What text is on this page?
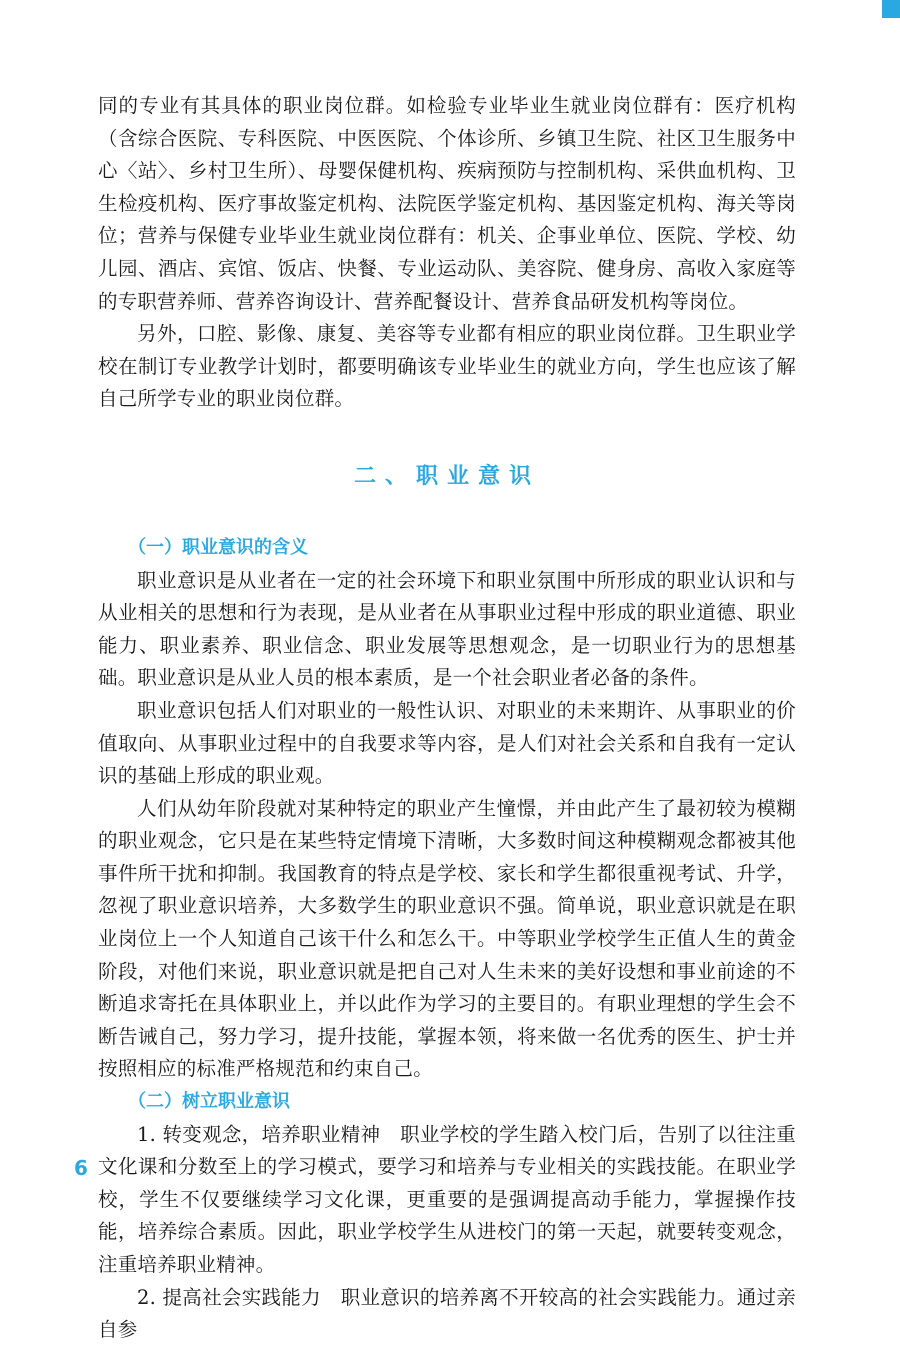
同的专业有其具体的职业岗位群。如检验专业毕业生就业岗位群有：医疗机构（含综合医院、专科医院、中医医院、个体诊所、乡镇卫生院、社区卫生服务中心〈站〉、乡村卫生所）、母婴保健机构、疾病预防与控制机构、采供血机构、卫生检疫机构、医疗事故鉴定机构、法院医学鉴定机构、基因鉴定机构、海关等岗位；营养与保健专业毕业生就业岗位群有：机关、企事业单位、医院、学校、幼儿园、酒店、宾馆、饭店、快餐、专业运动队、美容院、健身房、高收入家庭等的专职营养师、营养咨询设计、营养配餐设计、营养食品研发机构等岗位。

另外，口腔、影像、康复、美容等专业都有相应的职业岗位群。卫生职业学校在制订专业教学计划时，都要明确该专业毕业生的就业方向，学生也应该了解自己所学专业的职业岗位群。

二、职业意识
（一）职业意识的含义

职业意识是从业者在一定的社会环境下和职业氛围中所形成的职业认识和与从业相关的思想和行为表现，是从业者在从事职业过程中形成的职业道德、职业能力、职业素养、职业信念、职业发展等思想观念，是一切职业行为的思想基础。职业意识是从业人员的根本素质，是一个社会职业者必备的条件。

职业意识包括人们对职业的一般性认识、对职业的未来期许、从事职业的价值取向、从事职业过程中的自我要求等内容，是人们对社会关系和自我有一定认识的基础上形成的职业观。

人们从幼年阶段就对某种特定的职业产生憧憬，并由此产生了最初较为模糊的职业观念，它只是在某些特定情境下清晰，大多数时间这种模糊观念都被其他事件所干扰和抑制。我国教育的特点是学校、家长和学生都很重视考试、升学，忽视了职业意识培养，大多数学生的职业意识不强。简单说，职业意识就是在职业岗位上一个人知道自己该干什么和怎么干。中等职业学校学生正值人生的黄金阶段，对他们来说，职业意识就是把自己对人生未来的美好设想和事业前途的不断追求寄托在具体职业上，并以此作为学习的主要目的。有职业理想的学生会不断告诫自己，努力学习，提升技能，掌握本领，将来做一名优秀的医生、护士并按照相应的标准严格规范和约束自己。

（二）树立职业意识

1. 转变观念，培养职业精神　职业学校的学生踏入校门后，告别了以往注重文化课和分数至上的学习模式，要学习和培养与专业相关的实践技能。在职业学校，学生不仅要继续学习文化课，更重要的是强调提高动手能力，掌握操作技能，培养综合素质。因此，职业学校学生从进校门的第一天起，就要转变观念，注重培养职业精神。

2. 提高社会实践能力　职业意识的培养离不开较高的社会实践能力。通过亲自参

6
